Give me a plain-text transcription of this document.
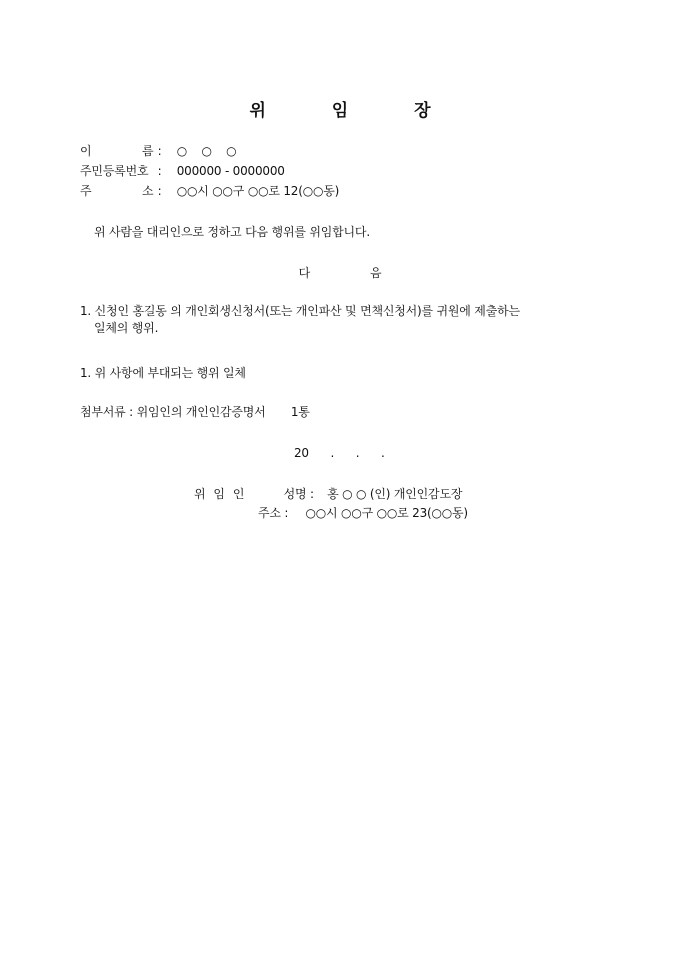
위 임 장
이	름 : ○    ○    ○
주민등록번호 : 000000 - 0000000
주	소 : ○○시 ○○구 ○○로 12(○○동)
위 사람을 대리인으로 정하고 다음 행위를 위임합니다.
다	음
1. 신청인 홍길동 의 개인회생신청서(또는 개인파산 및 면책신청서)를 귀원에 제출하는
일체의 행위.
1. 위 사항에 부대되는 행위 일체
첨부서류 : 위임인의 개인인감증명서       1통
20 . . .
위 임 인	성명 : 홍 ○ ○ (인) 개인인감도장
주소 : ○○시 ○○구 ○○로 23(○○동)
